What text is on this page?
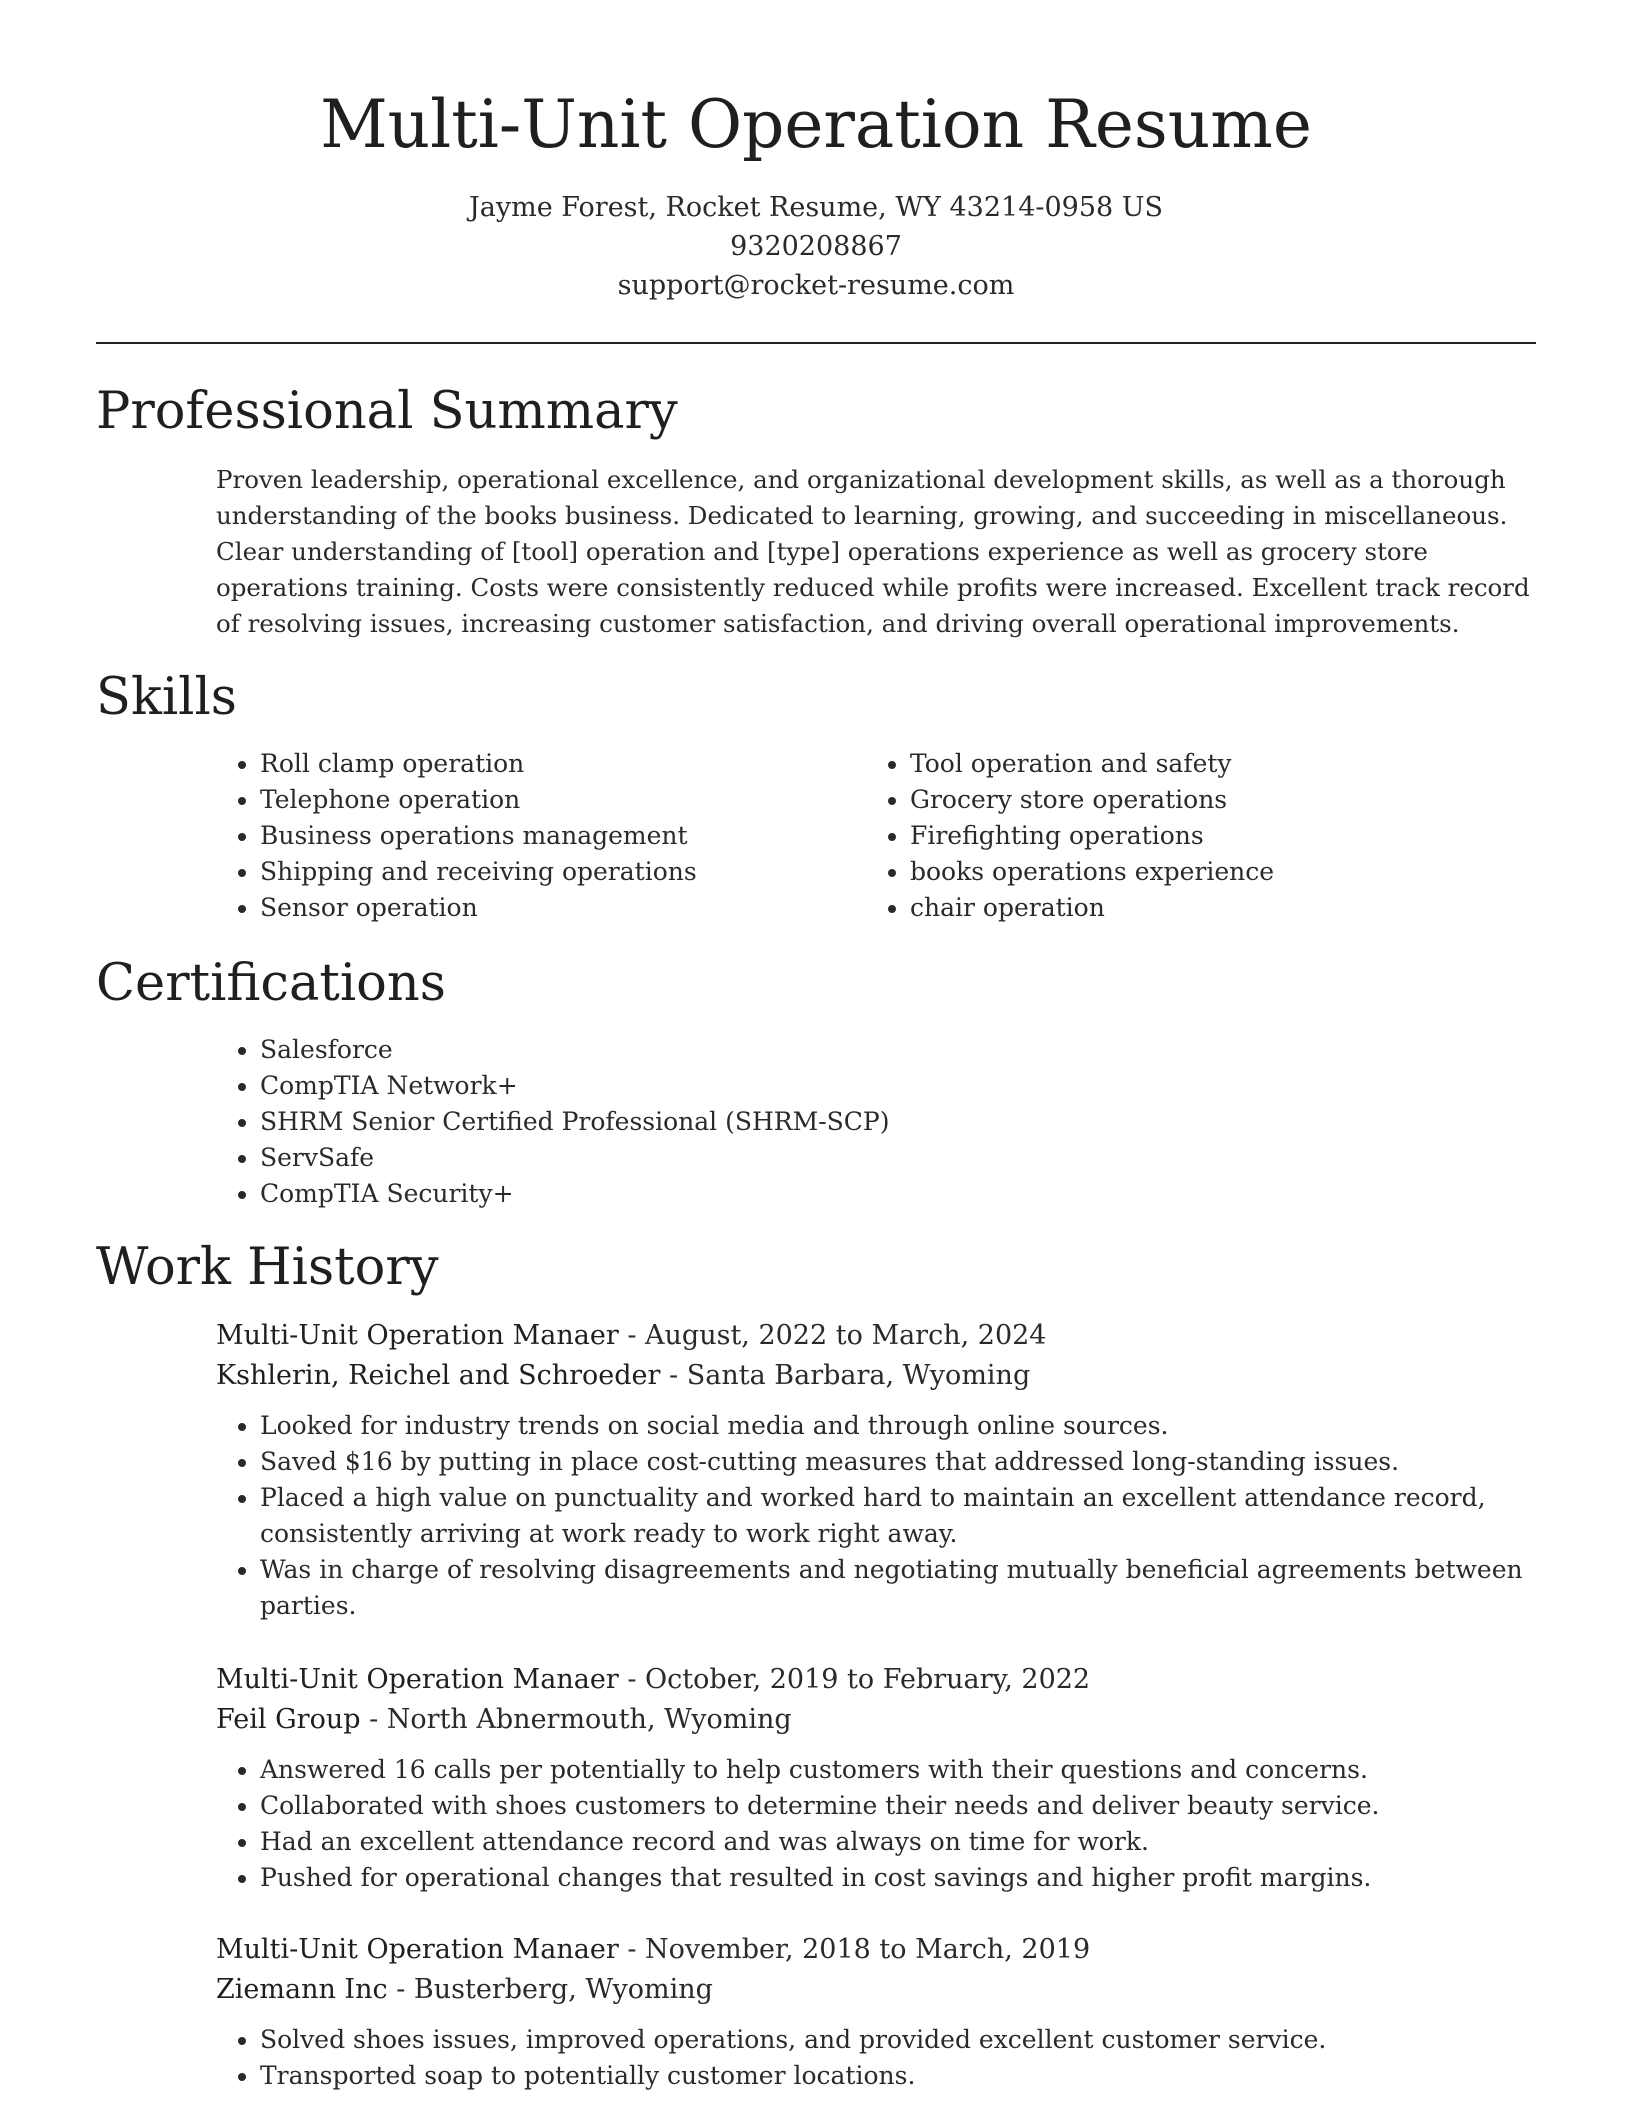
Multi-Unit Operation Resume
Jayme Forest, Rocket Resume, WY 43214-0958 US
9320208867
support@rocket-resume.com
Professional Summary

Proven leadership, operational excellence, and organizational development skills, as well as a thorough understanding of the books business. Dedicated to learning, growing, and succeeding in miscellaneous. Clear understanding of [tool] operation and [type] operations experience as well as grocery store operations training. Costs were consistently reduced while profits were increased. Excellent track record of resolving issues, increasing customer satisfaction, and driving overall operational improvements.

Skills
• Roll clamp operation
• Telephone operation
• Business operations management
• Shipping and receiving operations
• Sensor operation
• Tool operation and safety
• Grocery store operations
• Firefighting operations
• books operations experience
• chair operation
Certifications
• Salesforce
• CompTIA Network+
• SHRM Senior Certified Professional (SHRM-SCP)
• ServSafe
• CompTIA Security+
Work History
Multi-Unit Operation Manaer - August, 2022 to March, 2024
Kshlerin, Reichel and Schroeder - Santa Barbara, Wyoming
• Looked for industry trends on social media and through online sources.
• Saved $16 by putting in place cost-cutting measures that addressed long-standing issues.
• Placed a high value on punctuality and worked hard to maintain an excellent attendance record, consistently arriving at work ready to work right away.
• Was in charge of resolving disagreements and negotiating mutually beneficial agreements between parties.
Multi-Unit Operation Manaer - October, 2019 to February, 2022
Feil Group - North Abnermouth, Wyoming
• Answered 16 calls per potentially to help customers with their questions and concerns.
• Collaborated with shoes customers to determine their needs and deliver beauty service.
• Had an excellent attendance record and was always on time for work.
• Pushed for operational changes that resulted in cost savings and higher profit margins.
Multi-Unit Operation Manaer - November, 2018 to March, 2019
Ziemann Inc - Busterberg, Wyoming
• Solved shoes issues, improved operations, and provided excellent customer service.
• Transported soap to potentially customer locations.
